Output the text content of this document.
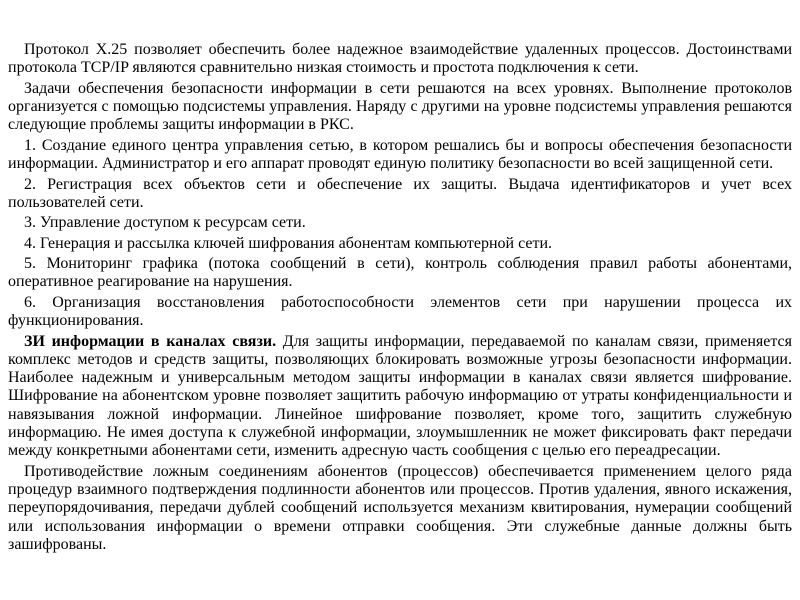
Протокол X.25 позволяет обеспечить более надежное взаимодействие удаленных процессов. Достоинствами протокола TCP/IP являются сравнительно низкая стоимость и простота подключения к сети.

Задачи обеспечения безопасности информации в сети решаются на всех уровнях. Выполнение протоколов организуется с помощью подсистемы управления. Наряду с другими на уровне подсистемы управления решаются следующие проблемы защиты информации в РКС.

1. Создание единого центра управления сетью, в котором решались бы и вопросы обеспечения безопасности информации. Администратор и его аппарат проводят единую политику безопасности во всей защищенной сети.

2. Регистрация всех объектов сети и обеспечение их защиты. Выдача идентификаторов и учет всех пользователей сети.

3. Управление доступом к ресурсам сети.

4. Генерация и рассылка ключей шифрования абонентам компьютерной сети.

5. Мониторинг графика (потока сообщений в сети), контроль соблюдения правил работы абонентами, оперативное реагирование на нарушения.

6. Организация восстановления работоспособности элементов сети при нарушении процесса их функционирования.

ЗИ информации в каналах связи. Для защиты информации, передаваемой по каналам связи, применяется комплекс методов и средств защиты, позволяющих блокировать возможные угрозы безопасности информации. Наиболее надежным и универсальным методом защиты информации в каналах связи является шифрование. Шифрование на абонентском уровне позволяет защитить рабочую информацию от утраты конфиденциальности и навязывания ложной информации. Линейное шифрование позволяет, кроме того, защитить служебную информацию. Не имея доступа к служебной информации, злоумышленник не может фиксировать факт передачи между конкретными абонентами сети, изменить адресную часть сообщения с целью его переадресации.

Противодействие ложным соединениям абонентов (процессов) обеспечивается применением целого ряда процедур взаимного подтверждения подлинности абонентов или процессов. Против удаления, явного искажения, переупорядочивания, передачи дублей сообщений используется механизм квитирования, нумерации сообщений или использования информации о времени отправки сообщения. Эти служебные данные должны быть зашифрованы.
